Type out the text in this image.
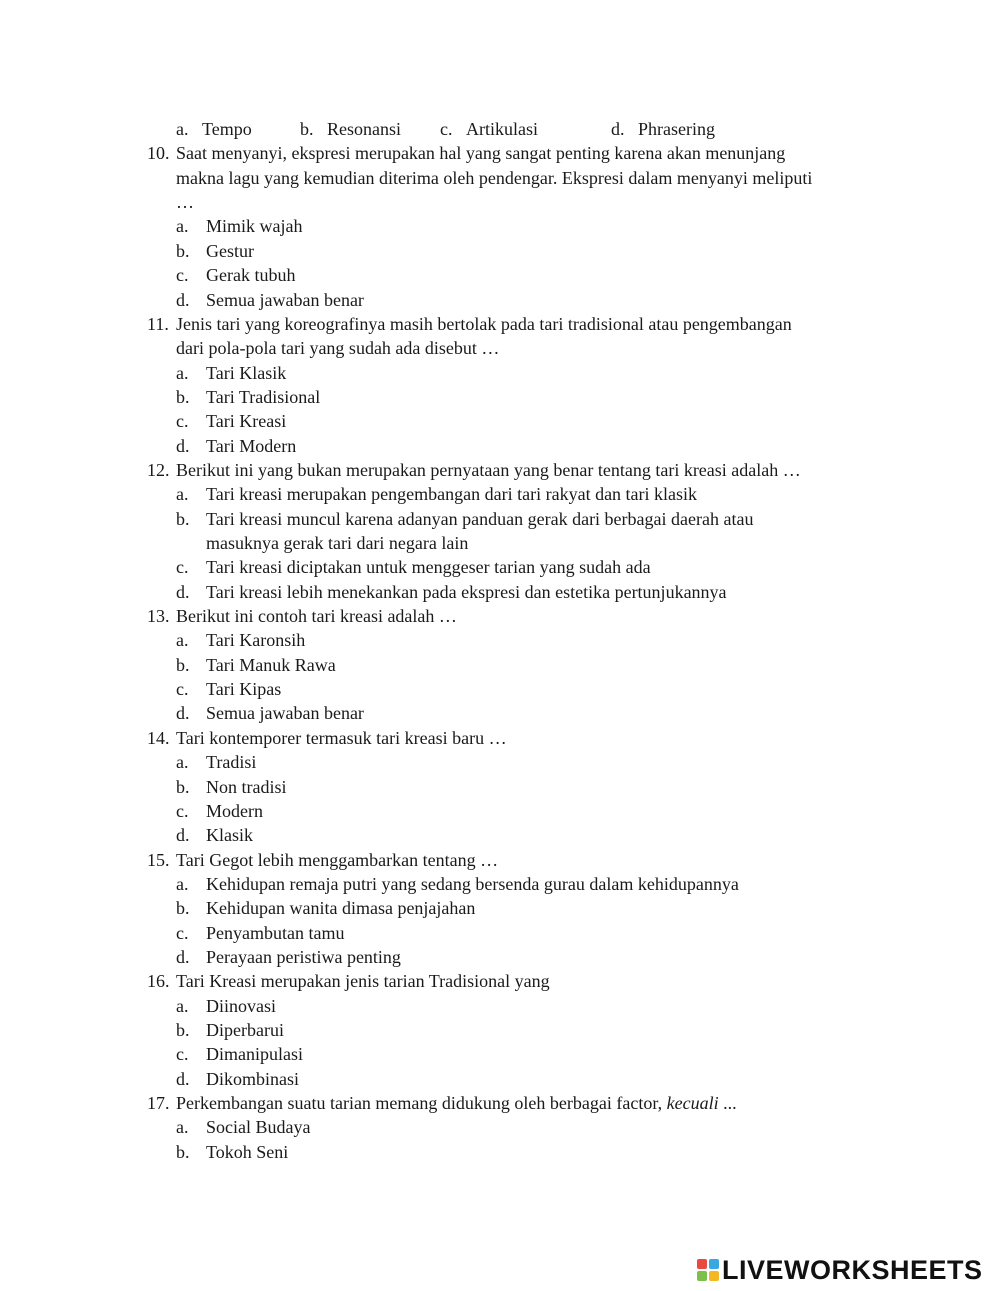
a. Tempo	b. Resonansi c. Artikulasi	d. Phrasering
10. Saat menyanyi, ekspresi merupakan hal yang sangat penting karena akan menunjang
makna lagu yang kemudian diterima oleh pendengar. Ekspresi dalam menyanyi meliputi
…
a. Mimik wajah
b. Gestur
c. Gerak tubuh
d. Semua jawaban benar
11. Jenis tari yang koreografinya masih bertolak pada tari tradisional atau pengembangan
dari pola-pola tari yang sudah ada disebut …
a. Tari Klasik
b. Tari Tradisional
c. Tari Kreasi
d. Tari Modern
12. Berikut ini yang bukan merupakan pernyataan yang benar tentang tari kreasi adalah …
a. Tari kreasi merupakan pengembangan dari tari rakyat dan tari klasik
b. Tari kreasi muncul karena adanyan panduan gerak dari berbagai daerah atau
masuknya gerak tari dari negara lain
c. Tari kreasi diciptakan untuk menggeser tarian yang sudah ada
d. Tari kreasi lebih menekankan pada ekspresi dan estetika pertunjukannya
13. Berikut ini contoh tari kreasi adalah …
a. Tari Karonsih
b. Tari Manuk Rawa
c. Tari Kipas
d. Semua jawaban benar
14. Tari kontemporer termasuk tari kreasi baru …
a. Tradisi
b. Non tradisi
c. Modern
d. Klasik
15. Tari Gegot lebih menggambarkan tentang …
a. Kehidupan remaja putri yang sedang bersenda gurau dalam kehidupannya
b. Kehidupan wanita dimasa penjajahan
c. Penyambutan tamu
d. Perayaan peristiwa penting
16. Tari Kreasi merupakan jenis tarian Tradisional yang
a. Diinovasi
b. Diperbarui
c. Dimanipulasi
d. Dikombinasi
17. Perkembangan suatu tarian memang didukung oleh berbagai factor, kecuali ...
a. Social Budaya
b. Tokoh Seni
LIVEWORKSHEETS
